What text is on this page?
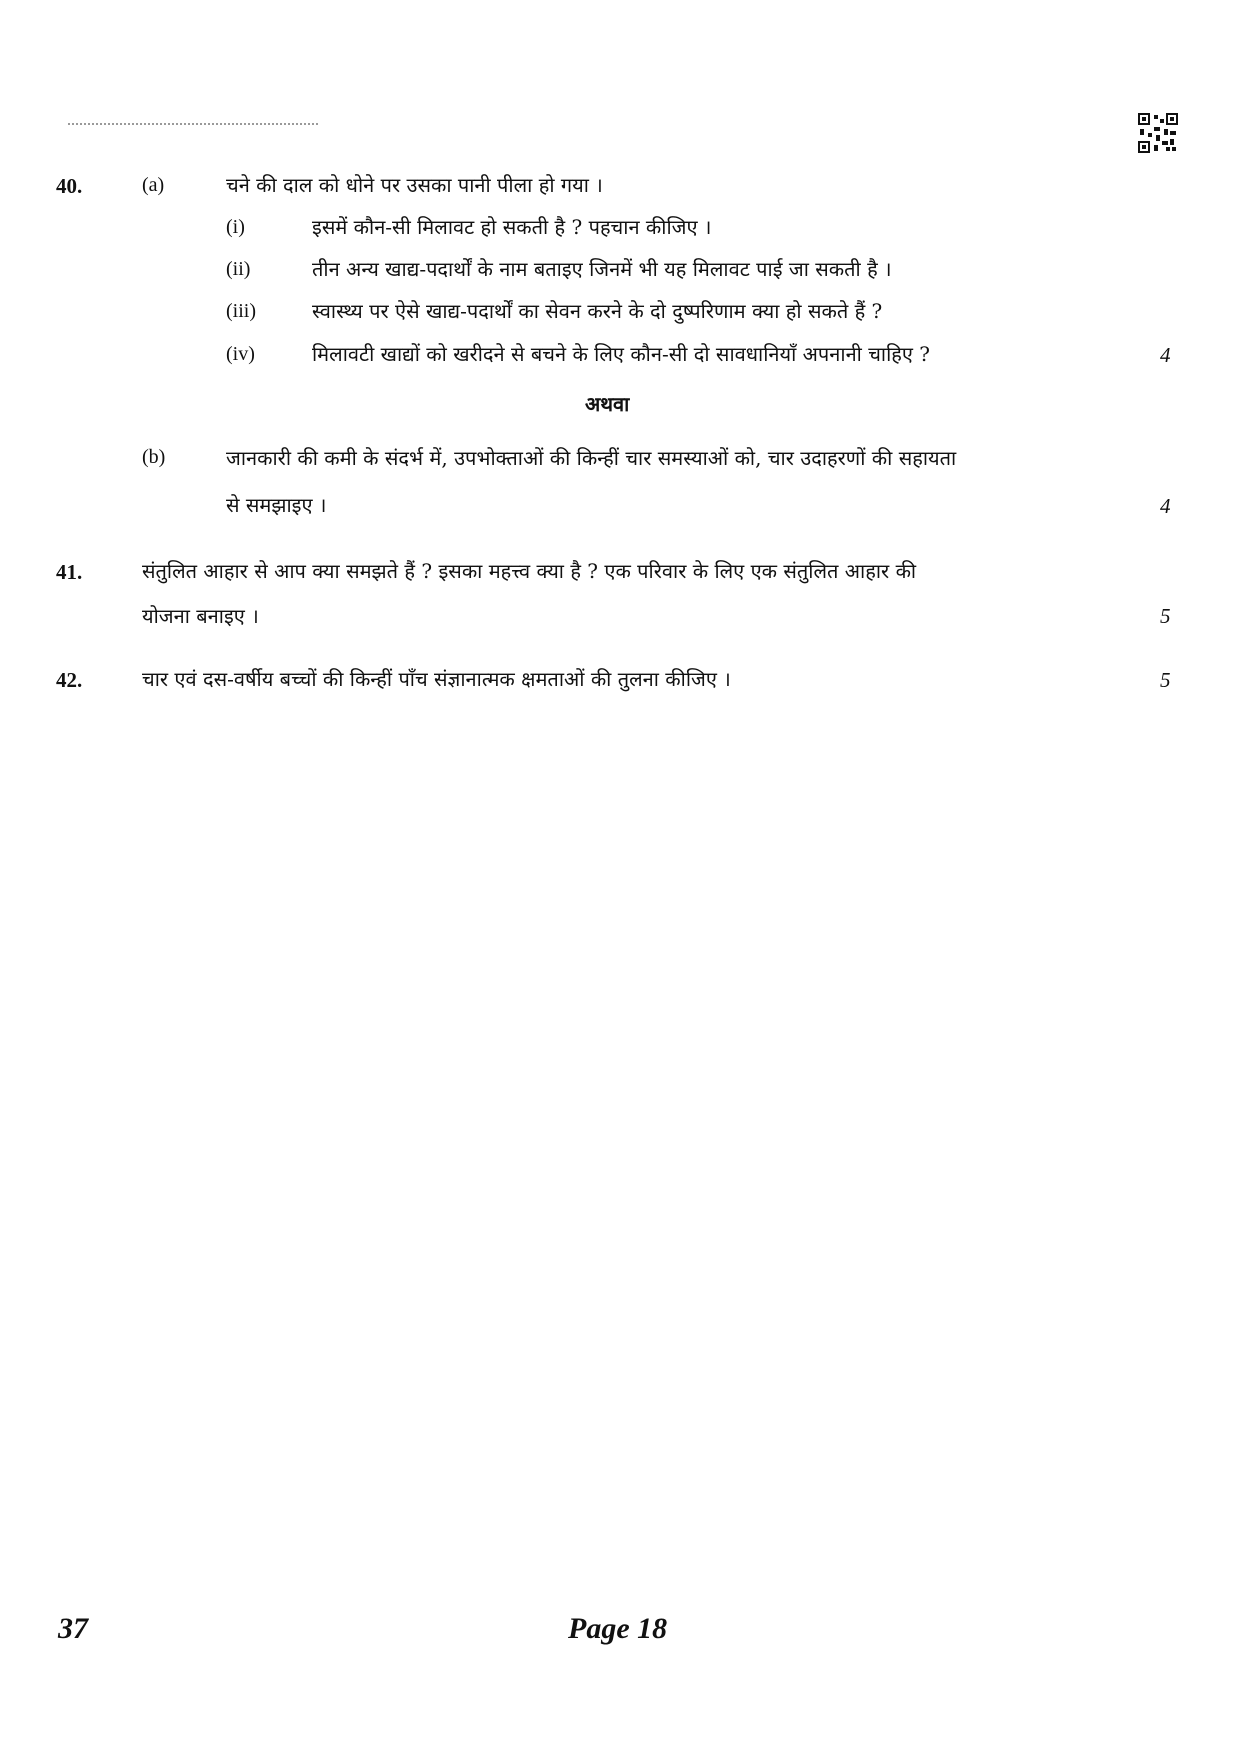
40.	(a)	चने की दाल को धोने पर उसका पानी पीला हो गया ।
(i)	इसमें कौन-सी मिलावट हो सकती है ? पहचान कीजिए ।
(ii)	तीन अन्य खाद्य-पदार्थों के नाम बताइए जिनमें भी यह मिलावट पाई जा सकती है ।
(iii)	स्वास्थ्य पर ऐसे खाद्य-पदार्थों का सेवन करने के दो दुष्परिणाम क्या हो सकते हैं ?
(iv)	मिलावटी खाद्यों को खरीदने से बचने के लिए कौन-सी दो सावधानियाँ अपनानी चाहिए ?	4
अथवा
(b)	जानकारी की कमी के संदर्भ में, उपभोक्ताओं की किन्हीं चार समस्याओं को, चार उदाहरणों की सहायता
से समझाइए ।	4
41.	संतुलित आहार से आप क्या समझते हैं ? इसका महत्त्व क्या है ? एक परिवार के लिए एक संतुलित आहार की
योजना बनाइए ।	5
42.	चार एवं दस-वर्षीय बच्चों की किन्हीं पाँच संज्ञानात्मक क्षमताओं की तुलना कीजिए ।	5
37	Page 18
